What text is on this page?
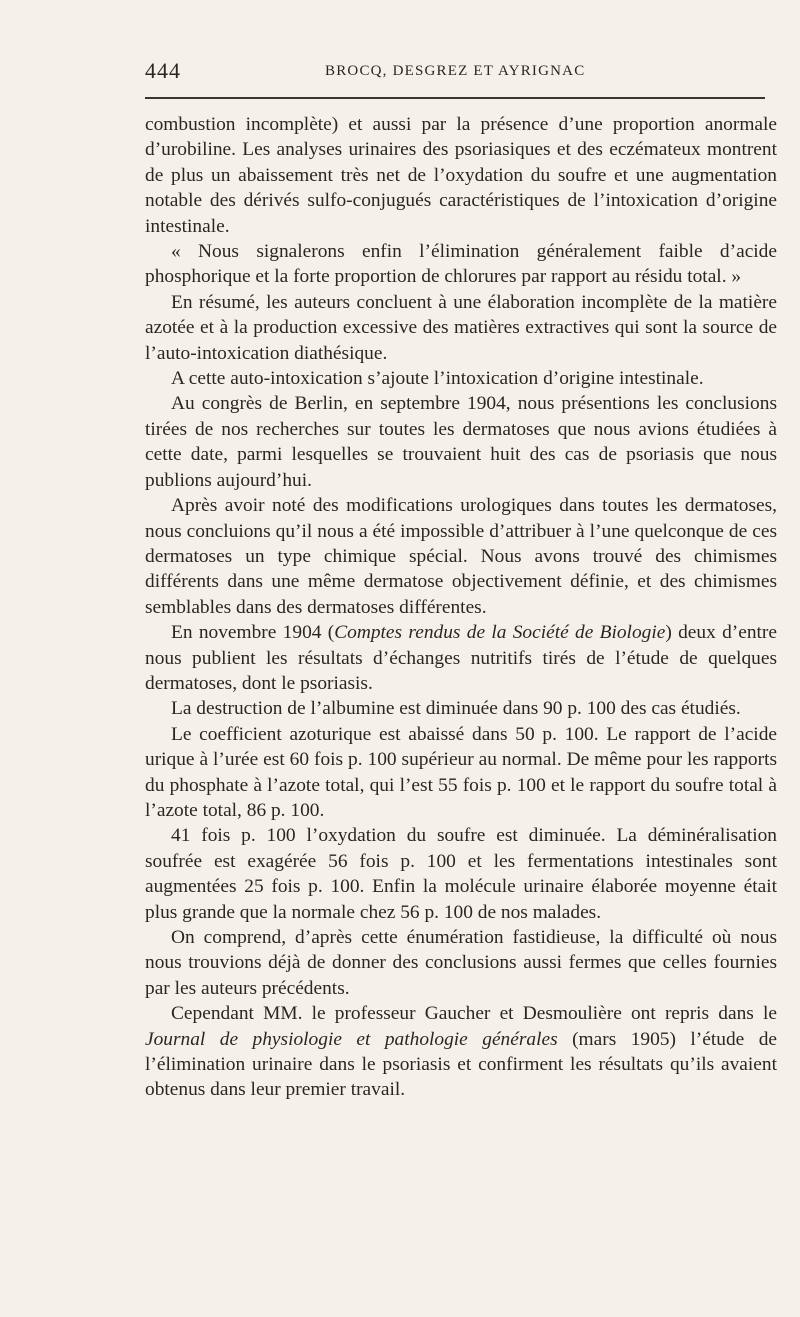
444	BROCQ, DESGREZ ET AYRIGNAC

combustion incomplète) et aussi par la présence d’une proportion anormale d’urobiline. Les analyses urinaires des psoriasiques et des eczémateux montrent de plus un abaissement très net de l’oxydation du soufre et une augmentation notable des dérivés sulfo-conjugués caractéristiques de l’intoxication d’origine intestinale.

« Nous signalerons enfin l’élimination généralement faible d’acide phosphorique et la forte proportion de chlorures par rapport au résidu total. »

En résumé, les auteurs concluent à une élaboration incomplète de la matière azotée et à la production excessive des matières extractives qui sont la source de l’auto-intoxication diathésique.

A cette auto-intoxication s’ajoute l’intoxication d’origine intestinale.

Au congrès de Berlin, en septembre 1904, nous présentions les conclusions tirées de nos recherches sur toutes les dermatoses que nous avions étudiées à cette date, parmi lesquelles se trouvaient huit des cas de psoriasis que nous publions aujourd’hui.

Après avoir noté des modifications urologiques dans toutes les dermatoses, nous concluions qu’il nous a été impossible d’attribuer à l’une quelconque de ces dermatoses un type chimique spécial. Nous avons trouvé des chimismes différents dans une même dermatose objectivement définie, et des chimismes semblables dans des dermatoses différentes.

En novembre 1904 (Comptes rendus de la Société de Biologie) deux d’entre nous publient les résultats d’échanges nutritifs tirés de l’étude de quelques dermatoses, dont le psoriasis.

La destruction de l’albumine est diminuée dans 90 p. 100 des cas étudiés.

Le coefficient azoturique est abaissé dans 50 p. 100. Le rapport de l’acide urique à l’urée est 60 fois p. 100 supérieur au normal. De même pour les rapports du phosphate à l’azote total, qui l’est 55 fois p. 100 et le rapport du soufre total à l’azote total, 86 p. 100.

41 fois p. 100 l’oxydation du soufre est diminuée. La déminéralisation soufrée est exagérée 56 fois p. 100 et les fermentations intestinales sont augmentées 25 fois p. 100. Enfin la molécule urinaire élaborée moyenne était plus grande que la normale chez 56 p. 100 de nos malades.

On comprend, d’après cette énumération fastidieuse, la difficulté où nous nous trouvions déjà de donner des conclusions aussi fermes que celles fournies par les auteurs précédents.

Cependant MM. le professeur Gaucher et Desmoulière ont repris dans le Journal de physiologie et pathologie générales (mars 1905) l’étude de l’élimination urinaire dans le psoriasis et confirment les résultats qu’ils avaient obtenus dans leur premier travail.
